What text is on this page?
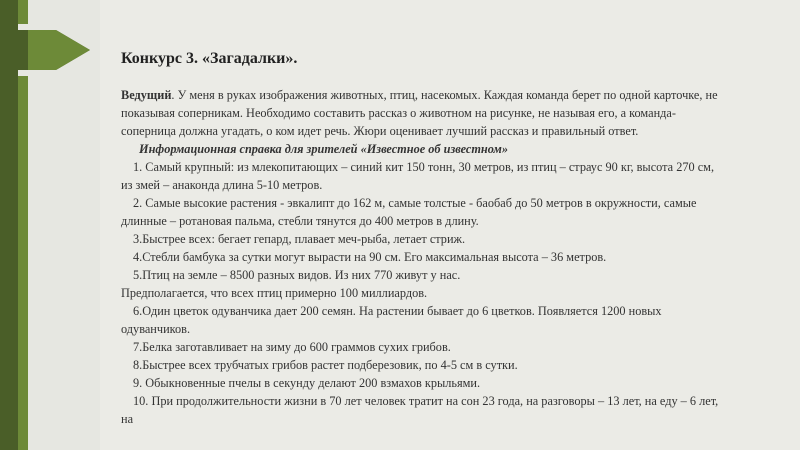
Конкурс 3. «Загадалки».

Ведущий. У меня в руках изображения животных, птиц, насекомых. Каждая команда берет по одной карточке, не показывая соперникам. Необходимо составить рассказ о животном на рисунке, не называя его, а команда-соперница должна угадать, о ком идет речь. Жюри оценивает лучший рассказ и правильный ответ.

Информационная справка для зрителей «Известное об известном»

1. Самый крупный: из млекопитающих – синий кит 150 тонн, 30 метров, из птиц – страус 90 кг, высота 270 см, из змей – анаконда длина 5-10 метров.

2. Самые высокие растения - эвкалипт до 162 м, самые толстые - баобаб до 50 метров в окружности, самые длинные – ротановая пальма, стебли тянутся до 400 метров в длину.

3.Быстрее всех: бегает гепард, плавает меч-рыба, летает стриж.

4.Стебли бамбука за сутки могут вырасти на 90 см. Его максимальная высота – 36 метров.

5.Птиц на земле – 8500 разных видов. Из них 770 живут у нас.

Предполагается, что всех птиц примерно 100 миллиардов.

6.Один цветок одуванчика дает 200 семян. На растении бывает до 6 цветков. Появляется 1200 новых одуванчиков.

7.Белка заготавливает на зиму до 600 граммов сухих грибов.

8.Быстрее всех трубчатых грибов растет подберезовик, по 4-5 см в сутки.

9. Обыкновенные пчелы в секунду делают 200 взмахов крыльями.

10. При продолжительности жизни в 70 лет человек тратит на сон 23 года, на разговоры – 13 лет, на еду – 6 лет, на
